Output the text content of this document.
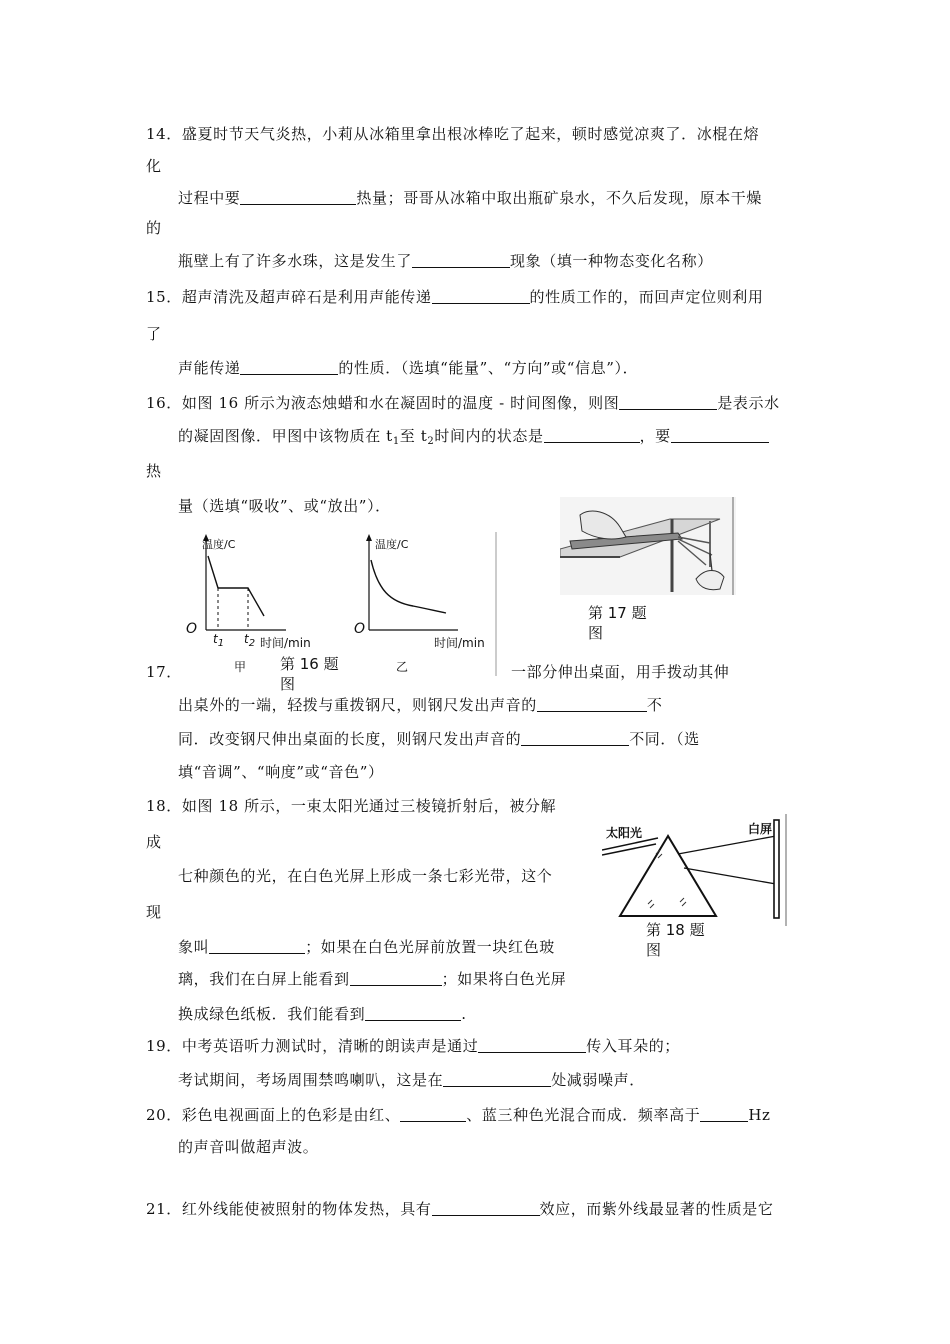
14．盛夏时节天气炎热，小莉从冰箱里拿出根冰棒吃了起来，顿时感觉凉爽了．冰棍在熔
化
过程中要	热量；哥哥从冰箱中取出瓶矿泉水，不久后发现，原本干燥
的
瓶壁上有了许多水珠，这是发生了	现象（填一种物态变化名称）
15．超声清洗及超声碎石是利用声能传递	的性质工作的，而回声定位则利用
了
声能传递	的性质．（选填“能量”、“方向”或“信息”）．
16．如图 16 所示为液态烛蜡和水在凝固时的温度 - 时间图像，则图	是表示水
的凝固图像．甲图中该物质在 $t_1$至 $t_2$时间内的状态是	，要
热
量（选填“吸收”、或“放出”）．
温度/C
O
$t_1$ $t_2$ 时间/min
甲
温度/C
O
时间/min
乙
第 16 题
图
第 17 题
图
17．	一部分伸出桌面，用手拨动其伸
出桌外的一端，轻拨与重拨钢尺，则钢尺发出声音的	不
同．改变钢尺伸出桌面的长度，则钢尺发出声音的	不同．（选
填“音调”、“响度”或“音色”）
18．如图 18 所示，一束太阳光通过三棱镜折射后，被分解
成
七种颜色的光，在白色光屏上形成一条七彩光带，这个
现
象叫	；如果在白色光屏前放置一块红色玻
璃，我们在白屏上能看到	；如果将白色光屏
换成绿色纸板．我们能看到	.
太阳光	白屏
第 18 题
图
19．中考英语听力测试时，清晰的朗读声是通过	传入耳朵的；
考试期间，考场周围禁鸣喇叭，这是在	处减弱噪声．
20．彩色电视画面上的色彩是由红、	、蓝三种色光混合而成．频率高于	Hz
的声音叫做超声波。
21．红外线能使被照射的物体发热，具有	效应，而紫外线最显著的性质是它
